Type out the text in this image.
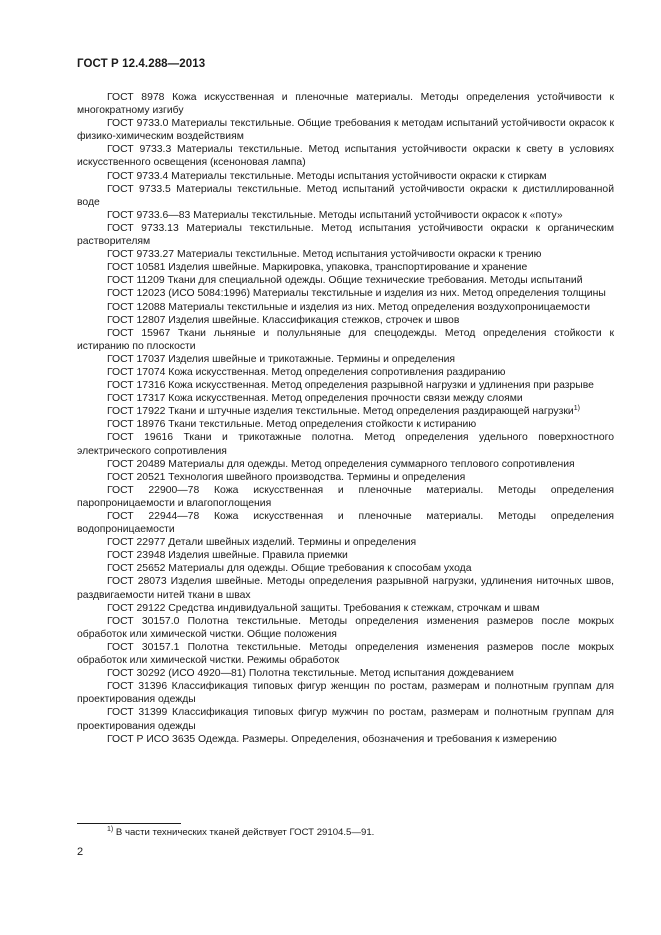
ГОСТ Р 12.4.288—2013

ГОСТ 8978 Кожа искусственная и пленочные материалы. Методы определения устойчивости к многократному изгибу

ГОСТ 9733.0 Материалы текстильные. Общие требования к методам испытаний устойчивости окрасок к физико-химическим воздействиям

ГОСТ 9733.3 Материалы текстильные. Метод испытания устойчивости окраски к свету в условиях искусственного освещения (ксеноновая лампа)

ГОСТ 9733.4 Материалы текстильные. Методы испытания устойчивости окраски к стиркам

ГОСТ 9733.5 Материалы текстильные. Метод испытаний устойчивости окраски к дистиллированной воде

ГОСТ 9733.6—83 Материалы текстильные. Методы испытаний устойчивости окрасок к «поту»

ГОСТ 9733.13 Материалы текстильные. Метод испытания устойчивости окраски к органическим растворителям

ГОСТ 9733.27 Материалы текстильные. Метод испытания устойчивости окраски к трению

ГОСТ 10581 Изделия швейные. Маркировка, упаковка, транспортирование и хранение

ГОСТ 11209 Ткани для специальной одежды. Общие технические требования. Методы испытаний

ГОСТ 12023 (ИСО 5084:1996) Материалы текстильные и изделия из них. Метод определения толщины

ГОСТ 12088 Материалы текстильные и изделия из них. Метод определения воздухопроницаемости

ГОСТ 12807 Изделия швейные. Классификация стежков, строчек и швов

ГОСТ 15967 Ткани льняные и полульняные для спецодежды. Метод определения стойкости к истиранию по плоскости

ГОСТ 17037 Изделия швейные и трикотажные. Термины и определения

ГОСТ 17074 Кожа искусственная. Метод определения сопротивления раздиранию

ГОСТ 17316 Кожа искусственная. Метод определения разрывной нагрузки и удлинения при разрыве

ГОСТ 17317 Кожа искусственная. Метод определения прочности связи между слоями

ГОСТ 17922 Ткани и штучные изделия текстильные. Метод определения раздирающей нагрузки$^{1)}$

ГОСТ 18976 Ткани текстильные. Метод определения стойкости к истиранию

ГОСТ 19616 Ткани и трикотажные полотна. Метод определения удельного поверхностного электрического сопротивления

ГОСТ 20489 Материалы для одежды. Метод определения суммарного теплового сопротивления

ГОСТ 20521 Технология швейного производства. Термины и определения

ГОСТ 22900—78 Кожа искусственная и пленочные материалы. Методы определения паропроницаемости и влагопоглощения

ГОСТ 22944—78 Кожа искусственная и пленочные материалы. Методы определения водопроницаемости

ГОСТ 22977 Детали швейных изделий. Термины и определения

ГОСТ 23948 Изделия швейные. Правила приемки

ГОСТ 25652 Материалы для одежды. Общие требования к способам ухода

ГОСТ 28073 Изделия швейные. Методы определения разрывной нагрузки, удлинения ниточных швов, раздвигаемости нитей ткани в швах

ГОСТ 29122 Средства индивидуальной защиты. Требования к стежкам, строчкам и швам

ГОСТ 30157.0 Полотна текстильные. Методы определения изменения размеров после мокрых обработок или химической чистки. Общие положения

ГОСТ 30157.1 Полотна текстильные. Методы определения изменения размеров после мокрых обработок или химической чистки. Режимы обработок

ГОСТ 30292 (ИСО 4920—81) Полотна текстильные. Метод испытания дождеванием

ГОСТ 31396 Классификация типовых фигур женщин по ростам, размерам и полнотным группам для проектирования одежды

ГОСТ 31399 Классификация типовых фигур мужчин по ростам, размерам и полнотным группам для проектирования одежды

ГОСТ Р ИСО 3635 Одежда. Размеры. Определения, обозначения и требования к измерению

$^{1)}$ В части технических тканей действует ГОСТ 29104.5—91.
2
